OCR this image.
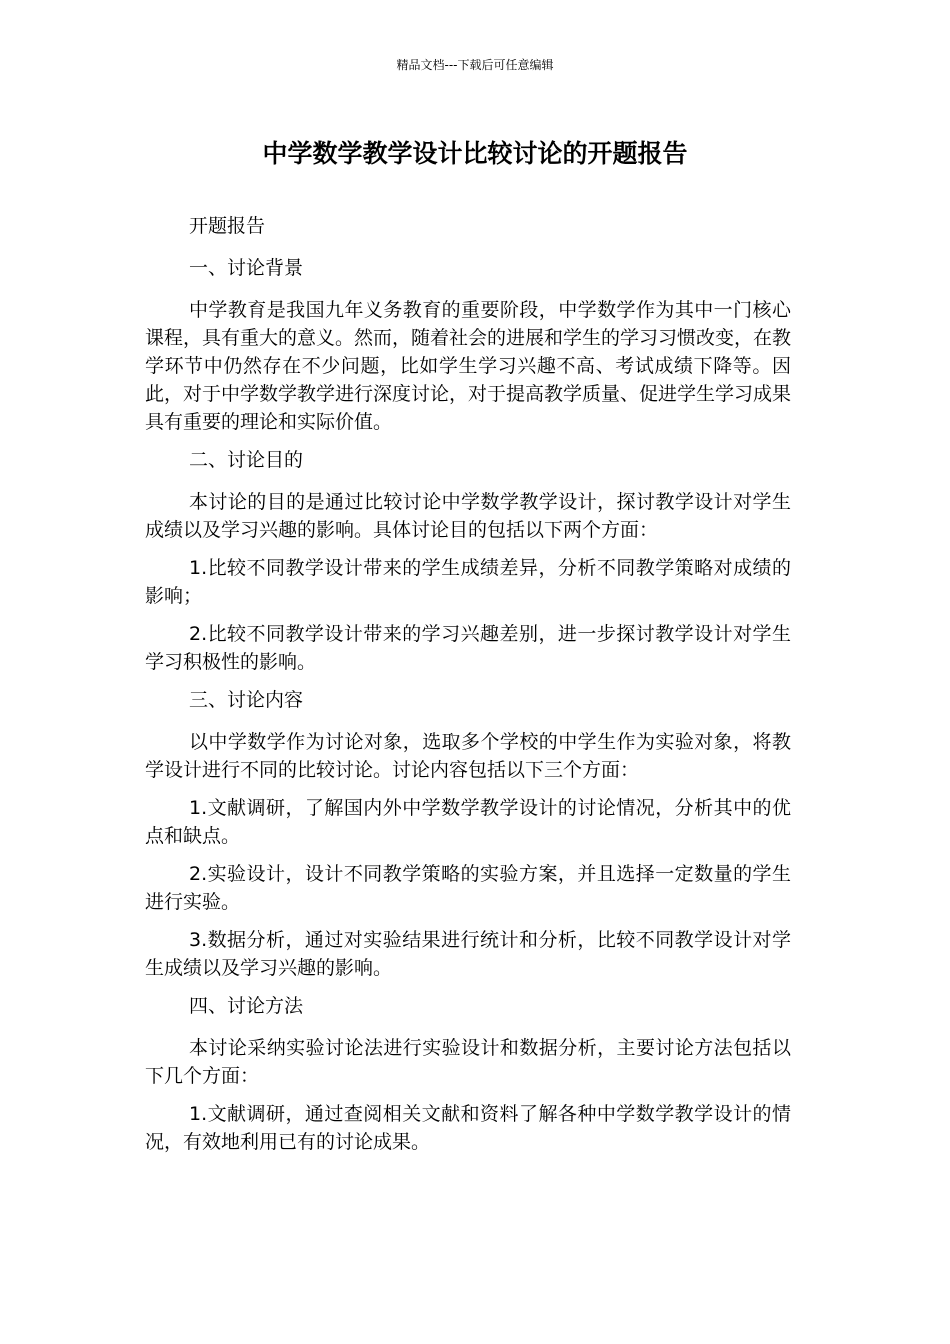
精品文档---下载后可任意编辑
中学数学教学设计比较讨论的开题报告

开题报告

一、讨论背景

中学教育是我国九年义务教育的重要阶段，中学数学作为其中一门核心课程，具有重大的意义。然而，随着社会的进展和学生的学习习惯改变，在教学环节中仍然存在不少问题，比如学生学习兴趣不高、考试成绩下降等。因此，对于中学数学教学进行深度讨论，对于提高教学质量、促进学生学习成果具有重要的理论和实际价值。

二、讨论目的

本讨论的目的是通过比较讨论中学数学教学设计，探讨教学设计对学生成绩以及学习兴趣的影响。具体讨论目的包括以下两个方面：

1.比较不同教学设计带来的学生成绩差异，分析不同教学策略对成绩的影响；

2.比较不同教学设计带来的学习兴趣差别，进一步探讨教学设计对学生学习积极性的影响。

三、讨论内容

以中学数学作为讨论对象，选取多个学校的中学生作为实验对象，将教学设计进行不同的比较讨论。讨论内容包括以下三个方面：

1.文献调研，了解国内外中学数学教学设计的讨论情况，分析其中的优点和缺点。

2.实验设计，设计不同教学策略的实验方案，并且选择一定数量的学生进行实验。

3.数据分析，通过对实验结果进行统计和分析，比较不同教学设计对学生成绩以及学习兴趣的影响。

四、讨论方法

本讨论采纳实验讨论法进行实验设计和数据分析，主要讨论方法包括以下几个方面：

1.文献调研，通过查阅相关文献和资料了解各种中学数学教学设计的情况，有效地利用已有的讨论成果。
